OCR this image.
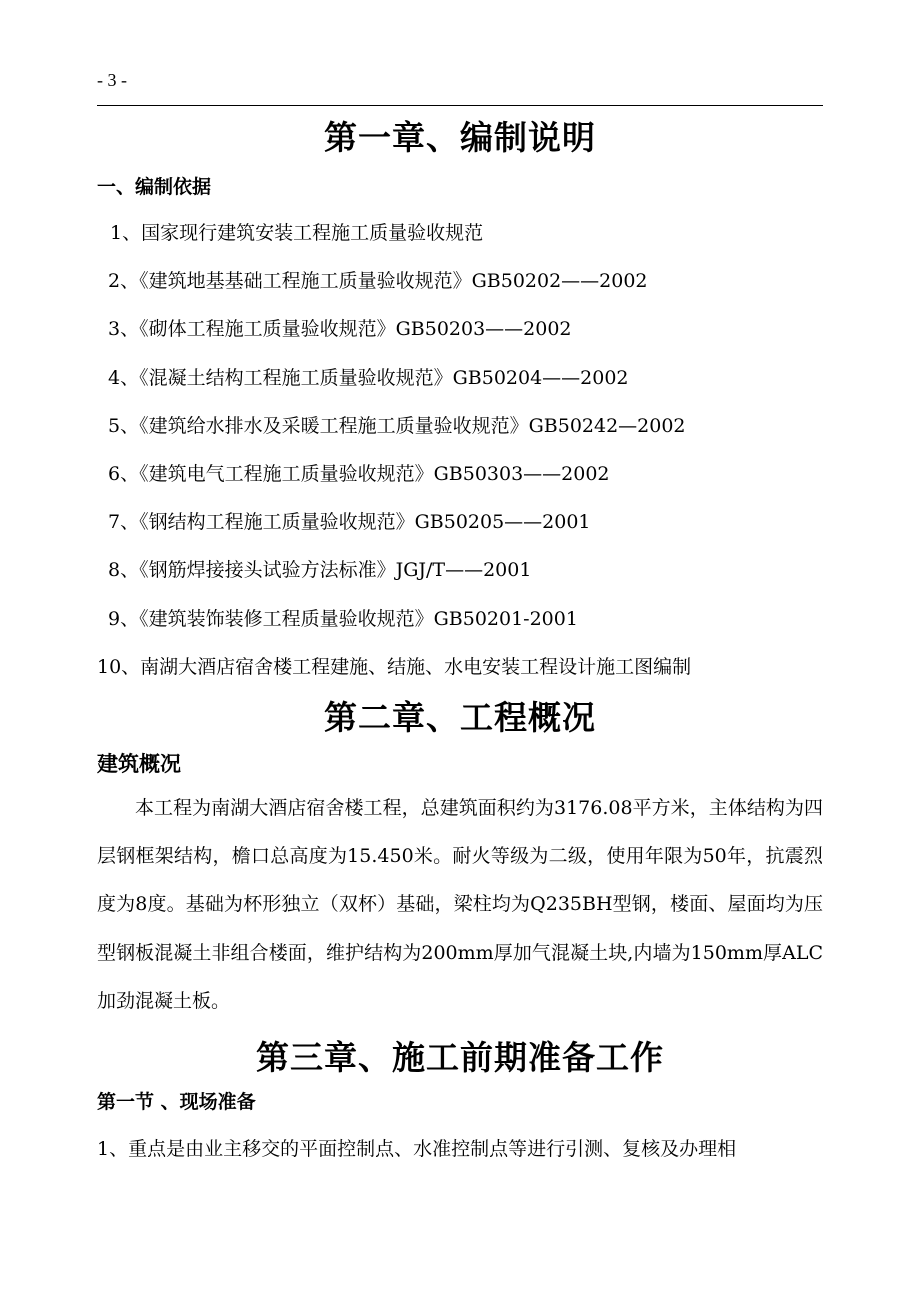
- 3 -
第一章、编制说明
一、编制依据
1、国家现行建筑安装工程施工质量验收规范
2、《建筑地基基础工程施工质量验收规范》GB50202——2002
3、《砌体工程施工质量验收规范》GB50203——2002
4、《混凝土结构工程施工质量验收规范》GB50204——2002
5、《建筑给水排水及采暖工程施工质量验收规范》GB50242—2002
6、《建筑电气工程施工质量验收规范》GB50303——2002
7、《钢结构工程施工质量验收规范》GB50205——2001
8、《钢筋焊接接头试验方法标准》JGJ/T——2001
9、《建筑装饰装修工程质量验收规范》GB50201-2001
10、南湖大酒店宿舍楼工程建施、结施、水电安装工程设计施工图编制
第二章、工程概况
建筑概况
本工程为南湖大酒店宿舍楼工程，总建筑面积约为3176.08平方米，主体结构为四层钢框架结构，檐口总高度为15.450米。耐火等级为二级，使用年限为50年，抗震烈度为8度。基础为杯形独立（双杯）基础，梁柱均为Q235BH型钢，楼面、屋面均为压型钢板混凝土非组合楼面，维护结构为200mm厚加气混凝土块,内墙为150mm厚ALC加劲混凝土板。
第三章、施工前期准备工作
第一节 、现场准备
1、重点是由业主移交的平面控制点、水准控制点等进行引测、复核及办理相
